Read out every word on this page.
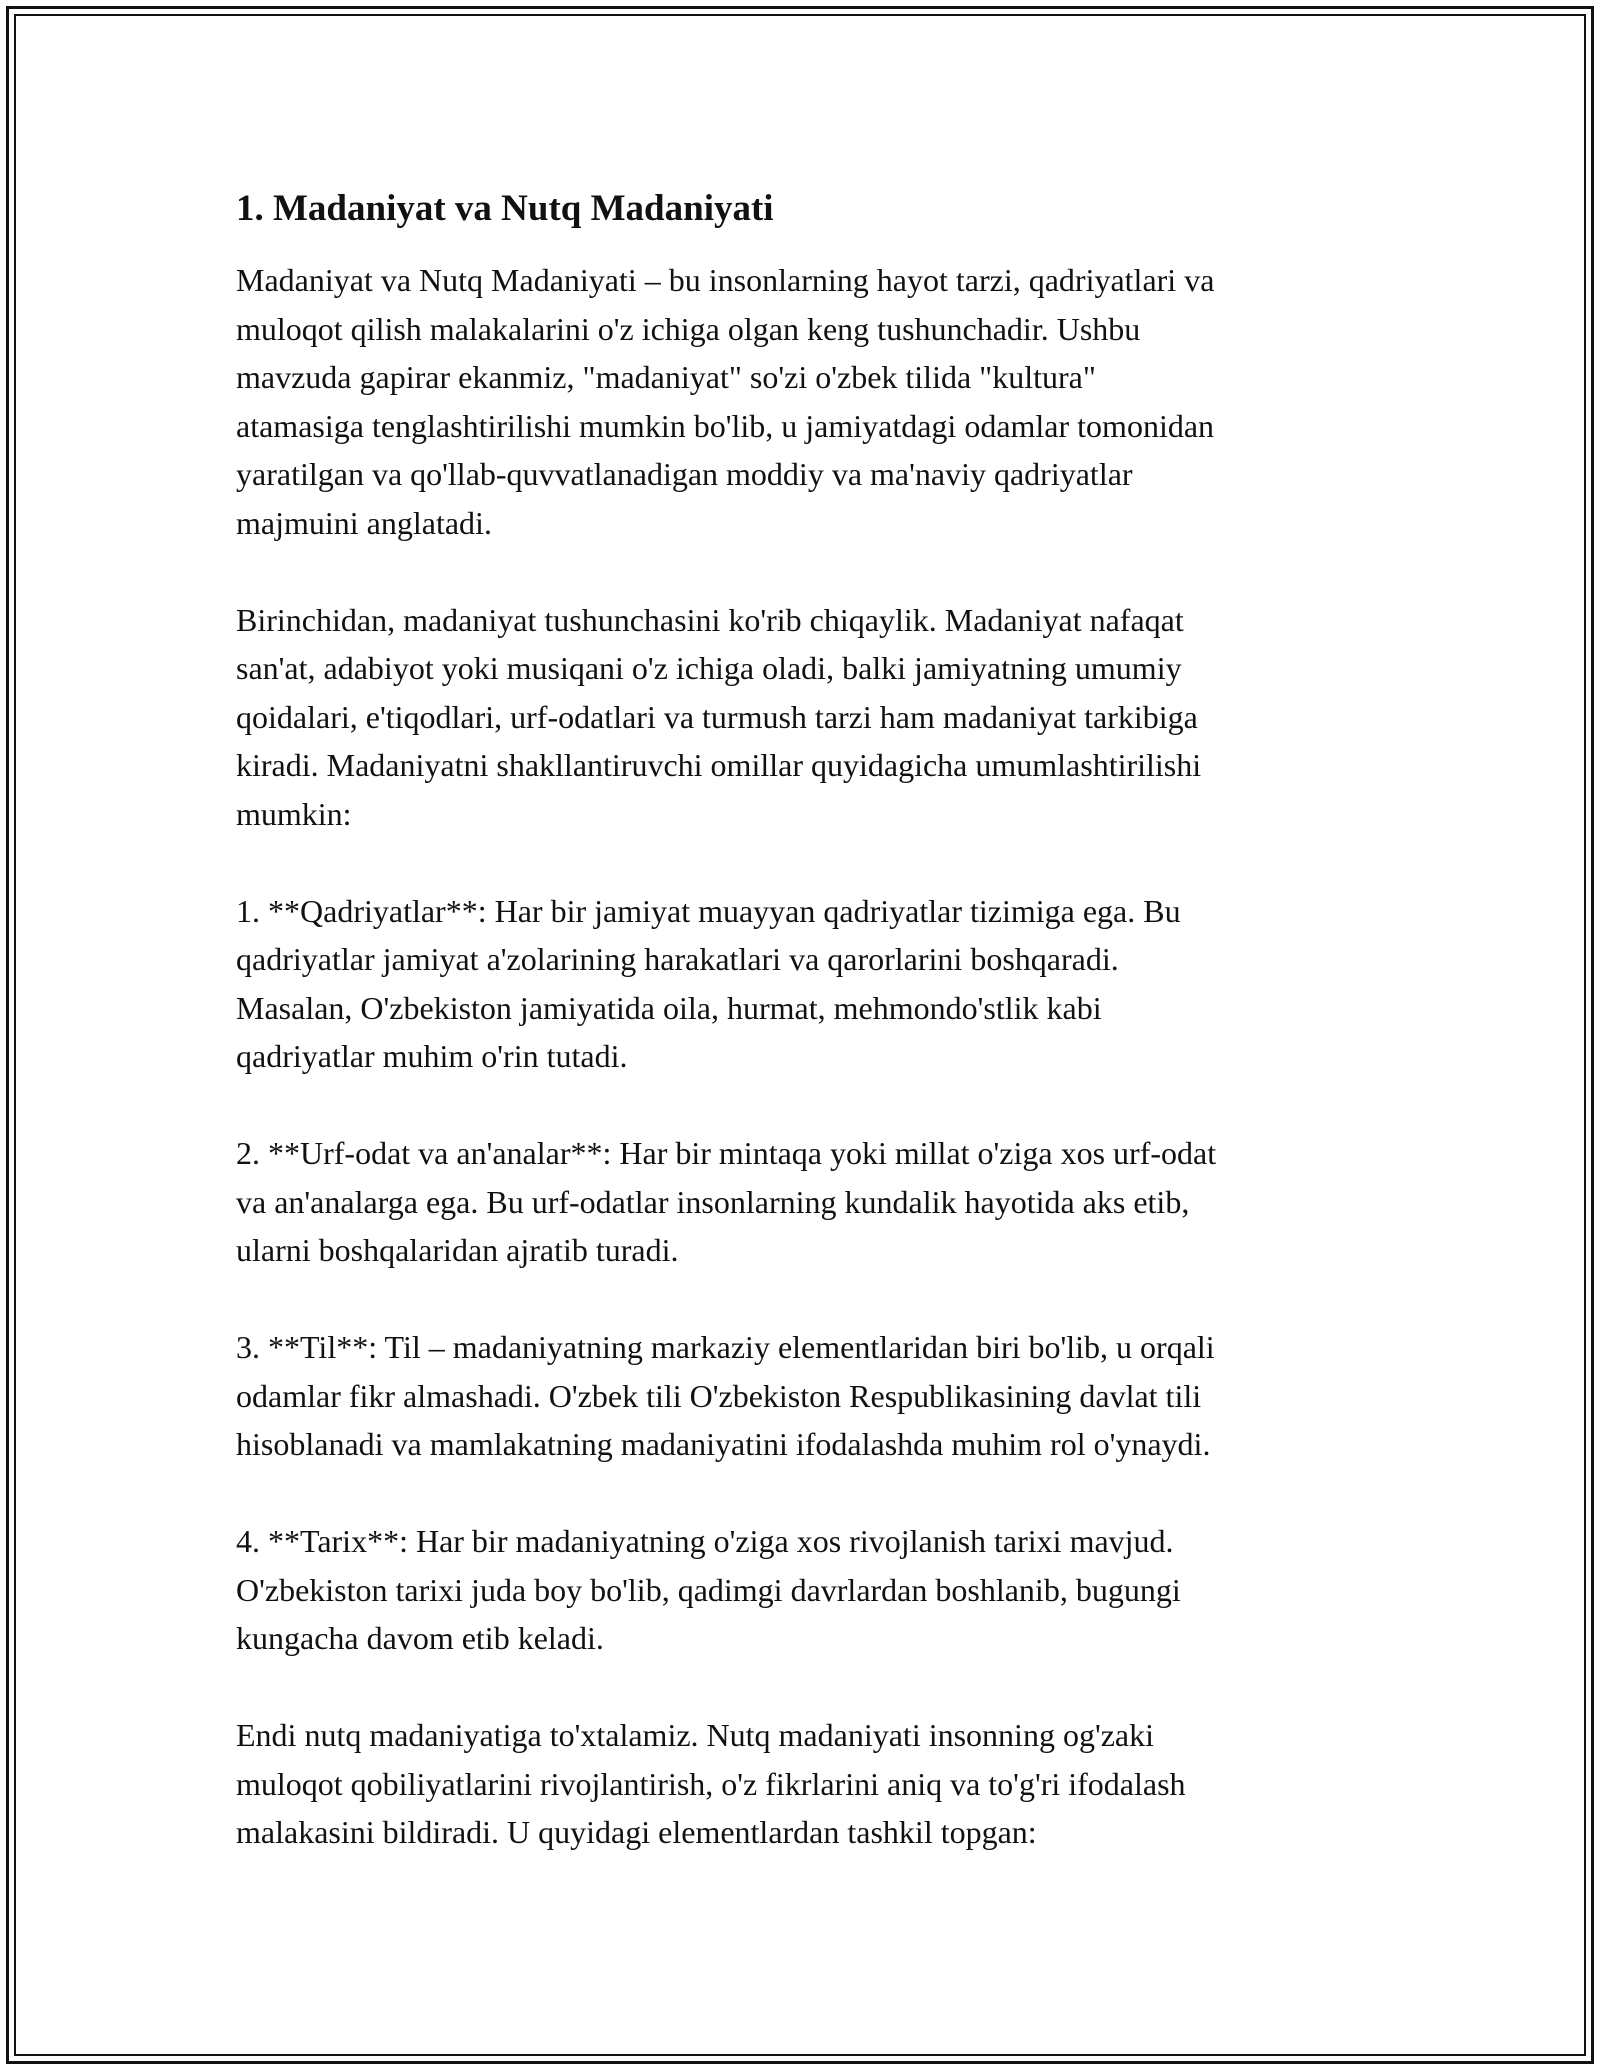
1. Madaniyat va Nutq Madaniyati
Madaniyat va Nutq Madaniyati – bu insonlarning hayot tarzi, qadriyatlari va
muloqot qilish malakalarini o'z ichiga olgan keng tushunchadir. Ushbu
mavzuda gapirar ekanmiz, "madaniyat" so'zi o'zbek tilida "kultura"
atamasiga tenglashtirilishi mumkin bo'lib, u jamiyatdagi odamlar tomonidan
yaratilgan va qo'llab-quvvatlanadigan moddiy va ma'naviy qadriyatlar
majmuini anglatadi.
Birinchidan, madaniyat tushunchasini ko'rib chiqaylik. Madaniyat nafaqat
san'at, adabiyot yoki musiqani o'z ichiga oladi, balki jamiyatning umumiy
qoidalari, e'tiqodlari, urf-odatlari va turmush tarzi ham madaniyat tarkibiga
kiradi. Madaniyatni shakllantiruvchi omillar quyidagicha umumlashtirilishi
mumkin:
1. **Qadriyatlar**: Har bir jamiyat muayyan qadriyatlar tizimiga ega. Bu
qadriyatlar jamiyat a'zolarining harakatlari va qarorlarini boshqaradi.
Masalan, O'zbekiston jamiyatida oila, hurmat, mehmondo'stlik kabi
qadriyatlar muhim o'rin tutadi.
2. **Urf-odat va an'analar**: Har bir mintaqa yoki millat o'ziga xos urf-odat
va an'analarga ega. Bu urf-odatlar insonlarning kundalik hayotida aks etib,
ularni boshqalaridan ajratib turadi.
3. **Til**: Til – madaniyatning markaziy elementlaridan biri bo'lib, u orqali
odamlar fikr almashadi. O'zbek tili O'zbekiston Respublikasining davlat tili
hisoblanadi va mamlakatning madaniyatini ifodalashda muhim rol o'ynaydi.
4. **Tarix**: Har bir madaniyatning o'ziga xos rivojlanish tarixi mavjud.
O'zbekiston tarixi juda boy bo'lib, qadimgi davrlardan boshlanib, bugungi
kungacha davom etib keladi.
Endi nutq madaniyatiga to'xtalamiz. Nutq madaniyati insonning og'zaki
muloqot qobiliyatlarini rivojlantirish, o'z fikrlarini aniq va to'g'ri ifodalash
malakasini bildiradi. U quyidagi elementlardan tashkil topgan:
